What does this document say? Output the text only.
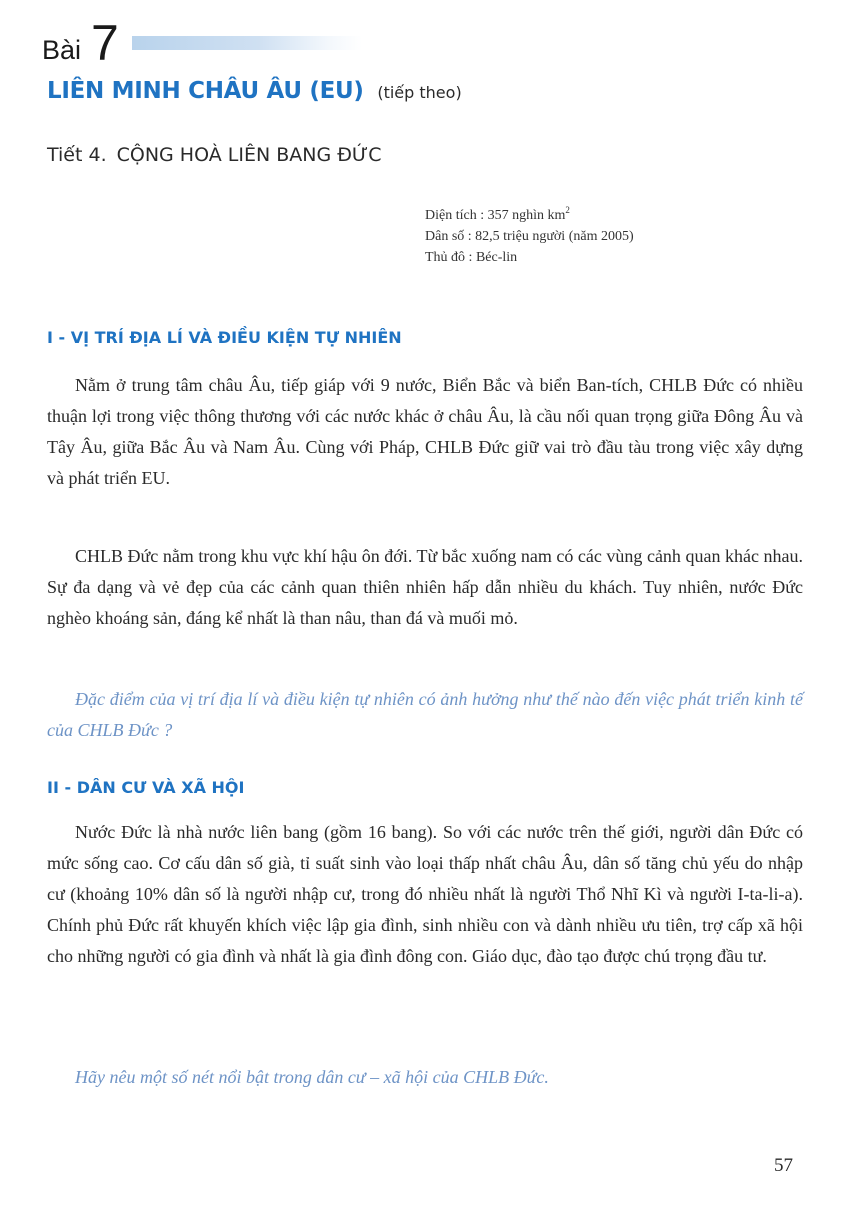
Bài 7
LIÊN MINH CHÂU ÂU (EU) (tiếp theo)
Tiết 4. CỘNG HOÀ LIÊN BANG ĐỨC
Diện tích : 357 nghìn $km^2$
Dân số : 82,5 triệu người (năm 2005)
Thủ đô : Béc-lin
I - VỊ TRÍ ĐỊA LÍ VÀ ĐIỀU KIỆN TỰ NHIÊN

Nằm ở trung tâm châu Âu, tiếp giáp với 9 nước, Biển Bắc và biển Ban-tích, CHLB Đức có nhiều thuận lợi trong việc thông thương với các nước khác ở châu Âu, là cầu nối quan trọng giữa Đông Âu và Tây Âu, giữa Bắc Âu và Nam Âu. Cùng với Pháp, CHLB Đức giữ vai trò đầu tàu trong việc xây dựng và phát triển EU.

CHLB Đức nằm trong khu vực khí hậu ôn đới. Từ bắc xuống nam có các vùng cảnh quan khác nhau. Sự đa dạng và vẻ đẹp của các cảnh quan thiên nhiên hấp dẫn nhiều du khách. Tuy nhiên, nước Đức nghèo khoáng sản, đáng kể nhất là than nâu, than đá và muối mỏ.

Đặc điểm của vị trí địa lí và điều kiện tự nhiên có ảnh hưởng như thế nào đến việc phát triển kinh tế của CHLB Đức ?

II - DÂN CƯ VÀ XÃ HỘI

Nước Đức là nhà nước liên bang (gồm 16 bang). So với các nước trên thế giới, người dân Đức có mức sống cao. Cơ cấu dân số già, tỉ suất sinh vào loại thấp nhất châu Âu, dân số tăng chủ yếu do nhập cư (khoảng 10% dân số là người nhập cư, trong đó nhiều nhất là người Thổ Nhĩ Kì và người I-ta-li-a). Chính phủ Đức rất khuyến khích việc lập gia đình, sinh nhiều con và dành nhiều ưu tiên, trợ cấp xã hội cho những người có gia đình và nhất là gia đình đông con. Giáo dục, đào tạo được chú trọng đầu tư.

Hãy nêu một số nét nổi bật trong dân cư – xã hội của CHLB Đức.

57
